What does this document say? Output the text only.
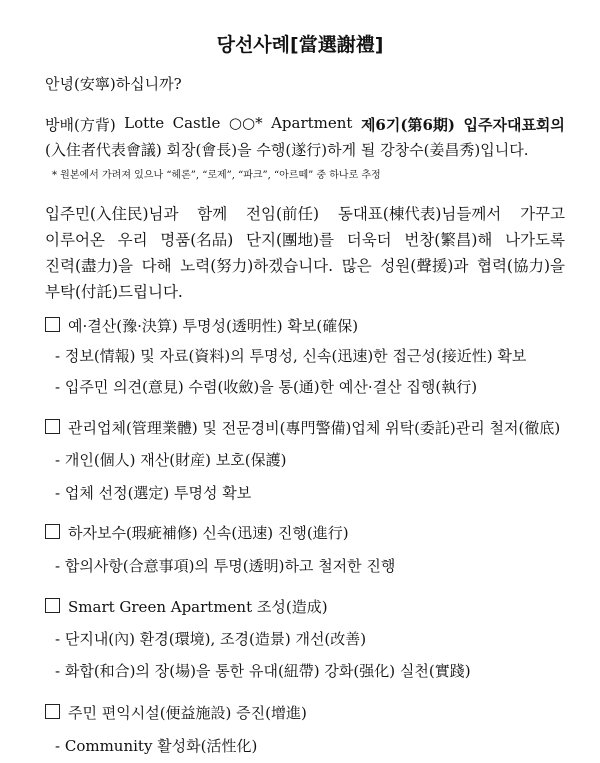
당선사례[當選謝禮]
안녕(安寧)하십니까?
방배(方背) Lotte Castle ○○* Apartment 제6기(第6期) 입주자대표회의
(入住者代表會議) 회장(會長)을 수행(遂行)하게 될 강창수(姜昌秀)입니다.
* 원본에서 가려져 있으나 “헤론”, “로제”, “파크”, “아르떼” 중 하나로 추정
입주민(入住民)님과 함께 전임(前任) 동대표(棟代表)님들께서 가꾸고
이루어온 우리 명품(名品) 단지(團地)를 더욱더 번창(繁昌)해 나가도록
진력(盡力)을 다해 노력(努力)하겠습니다. 많은 성원(聲援)과 협력(協力)을
부탁(付託)드립니다.
예·결산(豫·決算) 투명성(透明性) 확보(確保)
- 정보(情報) 및 자료(資料)의 투명성, 신속(迅速)한 접근성(接近性) 확보
- 입주민 의견(意見) 수렴(收斂)을 통(通)한 예산·결산 집행(執行)
관리업체(管理業體) 및 전문경비(專門警備)업체 위탁(委託)관리 철저(徹底)
- 개인(個人) 재산(財産) 보호(保護)
- 업체 선정(選定) 투명성 확보
하자보수(瑕疵補修) 신속(迅速) 진행(進行)
- 합의사항(合意事項)의 투명(透明)하고 철저한 진행
Smart Green Apartment 조성(造成)
- 단지내(內) 환경(環境), 조경(造景) 개선(改善)
- 화합(和合)의 장(場)을 통한 유대(紐帶) 강화(强化) 실천(實踐)
주민 편익시설(便益施設) 증진(增進)
- Community 활성화(活性化)
